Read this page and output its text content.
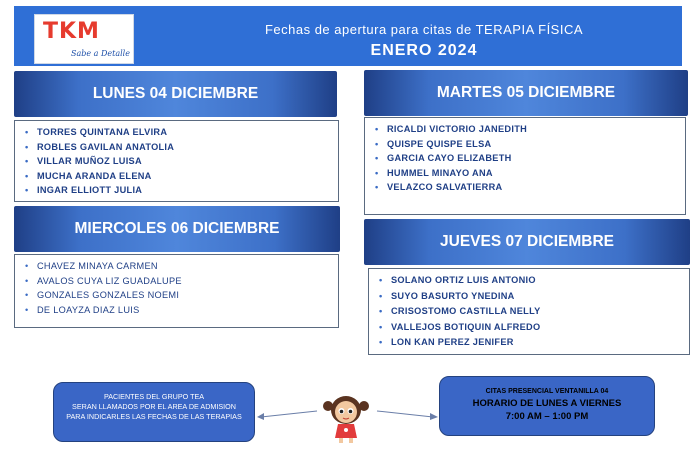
TKM
Sabe a Detalle
Fechas de apertura para citas de TERAPIA FÍSICA
ENERO 2024
LUNES 04 DICIEMBRE
• TORRES QUINTANA ELVIRA
• ROBLES GAVILAN ANATOLIA
• VILLAR MUÑOZ LUISA
• MUCHA ARANDA ELENA
• INGAR ELLIOTT JULIA
MARTES 05 DICIEMBRE
• RICALDI VICTORIO JANEDITH
• QUISPE QUISPE ELSA
• GARCIA CAYO ELIZABETH
• HUMMEL MINAYO ANA
• VELAZCO SALVATIERRA
MIERCOLES 06 DICIEMBRE
• CHAVEZ MINAYA CARMEN
• AVALOS CUYA LIZ GUADALUPE
• GONZALES GONZALES NOEMI
• DE LOAYZA DIAZ LUIS
JUEVES 07 DICIEMBRE
• SOLANO ORTIZ LUIS ANTONIO
• SUYO BASURTO YNEDINA
• CRISOSTOMO CASTILLA NELLY
• VALLEJOS BOTIQUIN ALFREDO
• LON KAN PEREZ JENIFER
PACIENTES DEL GRUPO TEA
SERAN LLAMADOS POR EL AREA DE ADMISION
PARA INDICARLES LAS FECHAS DE LAS TERAPIAS
CITAS PRESENCIAL VENTANILLA 04
HORARIO DE LUNES A VIERNES
7:00 AM – 1:00 PM
